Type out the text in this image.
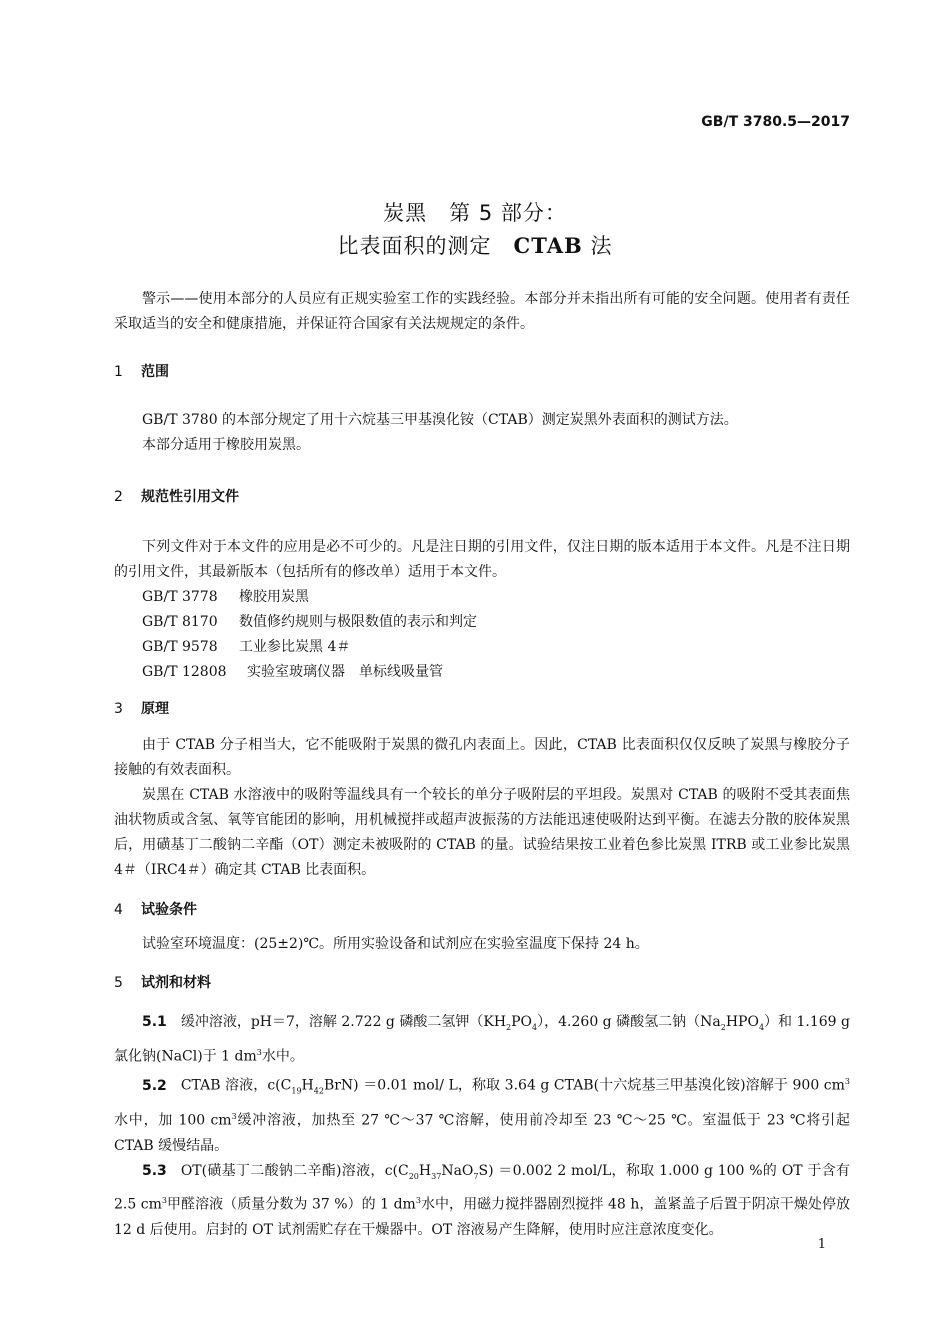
GB/T 3780.5—2017
炭黑　第 5 部分：
比表面积的测定　CTAB 法

警示——使用本部分的人员应有正规实验室工作的实践经验。本部分并未指出所有可能的安全问题。使用者有责任采取适当的安全和健康措施，并保证符合国家有关法规规定的条件。

1 范围

GB/T 3780 的本部分规定了用十六烷基三甲基溴化铵（CTAB）测定炭黑外表面积的测试方法。

本部分适用于橡胶用炭黑。

2 规范性引用文件

下列文件对于本文件的应用是必不可少的。凡是注日期的引用文件，仅注日期的版本适用于本文件。凡是不注日期的引用文件，其最新版本（包括所有的修改单）适用于本文件。

GB/T 3778 橡胶用炭黑
GB/T 8170 数值修约规则与极限数值的表示和判定
GB/T 9578 工业参比炭黑 4＃
GB/T 12808 实验室玻璃仪器　单标线吸量管
3 原理

由于 CTAB 分子相当大，它不能吸附于炭黑的微孔内表面上。因此，CTAB 比表面积仅仅反映了炭黑与橡胶分子接触的有效表面积。

炭黑在 CTAB 水溶液中的吸附等温线具有一个较长的单分子吸附层的平坦段。炭黑对 CTAB 的吸附不受其表面焦油状物质或含氢、氧等官能团的影响，用机械搅拌或超声波振荡的方法能迅速使吸附达到平衡。在滤去分散的胶体炭黑后，用磺基丁二酸钠二辛酯（OT）测定未被吸附的 CTAB 的量。试验结果按工业着色参比炭黑 ITRB 或工业参比炭黑 4＃（IRC4＃）确定其 CTAB 比表面积。

4 试验条件

试验室环境温度：(25±2)℃。所用实验设备和试剂应在实验室温度下保持 24 h。

5 试剂和材料

5.1 缓冲溶液，pH＝7，溶解 2.722 g 磷酸二氢钾$(KH_2PO_4)$，4.260 g 磷酸氢二钠$(Na_2HPO_4)$和 1.169 g 氯化钠(NaCl)于 1 $dm^3$水中。

5.2 CTAB 溶液，$c(C_{19}H_{42}BrN) =0.01$ mol/ L，称取 3.64 g CTAB(十六烷基三甲基溴化铵)溶解于 900 $cm^3$水中，加 100 $cm^3$缓冲溶液，加热至 27 ℃～37 ℃溶解，使用前冷却至 23 ℃～25 ℃。室温低于 23 ℃将引起 CTAB 缓慢结晶。

5.3 OT(磺基丁二酸钠二辛酯)溶液，$c(C_{20}H_{37}NaO_7S) =0.002$ 2 mol/L，称取 1.000 g 100 %的 OT 于含有 2.5 $cm^3$甲醛溶液（质量分数为 37 %）的 1 $dm^3$水中，用磁力搅拌器剧烈搅拌 48 h，盖紧盖子后置于阴凉干燥处停放 12 d 后使用。启封的 OT 试剂需贮存在干燥器中。OT 溶液易产生降解，使用时应注意浓度变化。

1
